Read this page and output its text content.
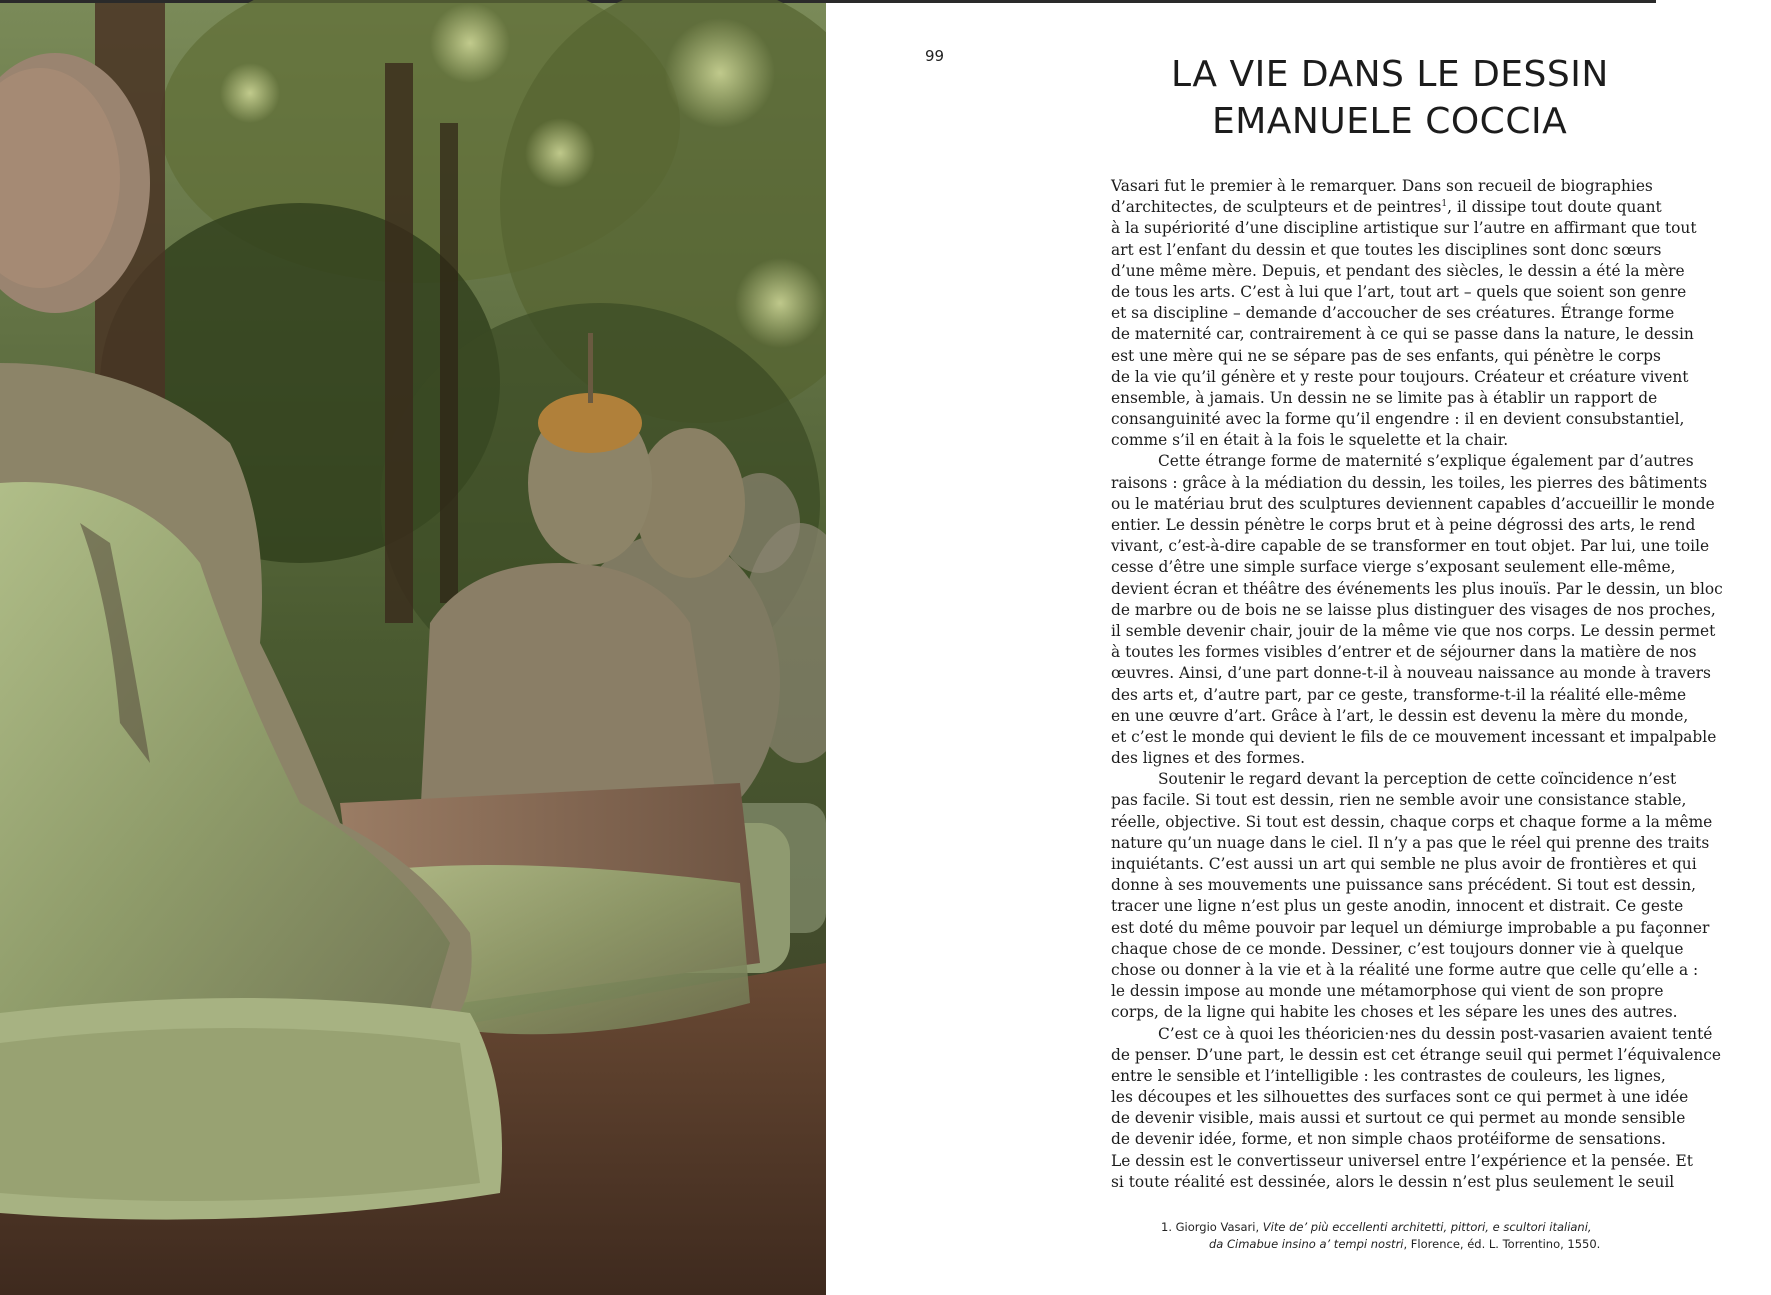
99	LA VIE DANS LE DESSIN
EMANUELE COCCIA
Vasari fut le premier à le remarquer. Dans son recueil de biographies
d’architectes, de sculpteurs et de peintres$^1$, il dissipe tout doute quant
à la supériorité d’une discipline artistique sur l’autre en affirmant que tout
art est l’enfant du dessin et que toutes les disciplines sont donc sœurs
d’une même mère. Depuis, et pendant des siècles, le dessin a été la mère
de tous les arts. C’est à lui que l’art, tout art – quels que soient son genre
et sa discipline – demande d’accoucher de ses créatures. Étrange forme
de maternité car, contrairement à ce qui se passe dans la nature, le dessin
est une mère qui ne se sépare pas de ses enfants, qui pénètre le corps
de la vie qu’il génère et y reste pour toujours. Créateur et créature vivent
ensemble, à jamais. Un dessin ne se limite pas à établir un rapport de
consanguinité avec la forme qu’il engendre : il en devient consubstantiel,
comme s’il en était à la fois le squelette et la chair.
Cette étrange forme de maternité s’explique également par d’autres
raisons : grâce à la médiation du dessin, les toiles, les pierres des bâtiments
ou le matériau brut des sculptures deviennent capables d’accueillir le monde
entier. Le dessin pénètre le corps brut et à peine dégrossi des arts, le rend
vivant, c’est-à-dire capable de se transformer en tout objet. Par lui, une toile
cesse d’être une simple surface vierge s’exposant seulement elle-même,
devient écran et théâtre des événements les plus inouïs. Par le dessin, un bloc
de marbre ou de bois ne se laisse plus distinguer des visages de nos proches,
il semble devenir chair, jouir de la même vie que nos corps. Le dessin permet
à toutes les formes visibles d’entrer et de séjourner dans la matière de nos
œuvres. Ainsi, d’une part donne-t-il à nouveau naissance au monde à travers
des arts et, d’autre part, par ce geste, transforme-t-il la réalité elle-même
en une œuvre d’art. Grâce à l’art, le dessin est devenu la mère du monde,
et c’est le monde qui devient le fils de ce mouvement incessant et impalpable
des lignes et des formes.
Soutenir le regard devant la perception de cette coïncidence n’est
pas facile. Si tout est dessin, rien ne semble avoir une consistance stable,
réelle, objective. Si tout est dessin, chaque corps et chaque forme a la même
nature qu’un nuage dans le ciel. Il n’y a pas que le réel qui prenne des traits
inquiétants. C’est aussi un art qui semble ne plus avoir de frontières et qui
donne à ses mouvements une puissance sans précédent. Si tout est dessin,
tracer une ligne n’est plus un geste anodin, innocent et distrait. Ce geste
est doté du même pouvoir par lequel un démiurge improbable a pu façonner
chaque chose de ce monde. Dessiner, c’est toujours donner vie à quelque
chose ou donner à la vie et à la réalité une forme autre que celle qu’elle a :
le dessin impose au monde une métamorphose qui vient de son propre
corps, de la ligne qui habite les choses et les sépare les unes des autres.
C’est ce à quoi les théoricien·nes du dessin post-vasarien avaient tenté
de penser. D’une part, le dessin est cet étrange seuil qui permet l’équivalence
entre le sensible et l’intelligible : les contrastes de couleurs, les lignes,
les découpes et les silhouettes des surfaces sont ce qui permet à une idée
de devenir visible, mais aussi et surtout ce qui permet au monde sensible
de devenir idée, forme, et non simple chaos protéiforme de sensations.
Le dessin est le convertisseur universel entre l’expérience et la pensée. Et
si toute réalité est dessinée, alors le dessin n’est plus seulement le seuil
1. Giorgio Vasari, Vite de’ più eccellenti architetti, pittori, e scultori italiani,
da Cimabue insino a’ tempi nostri, Florence, éd. L. Torrentino, 1550.
